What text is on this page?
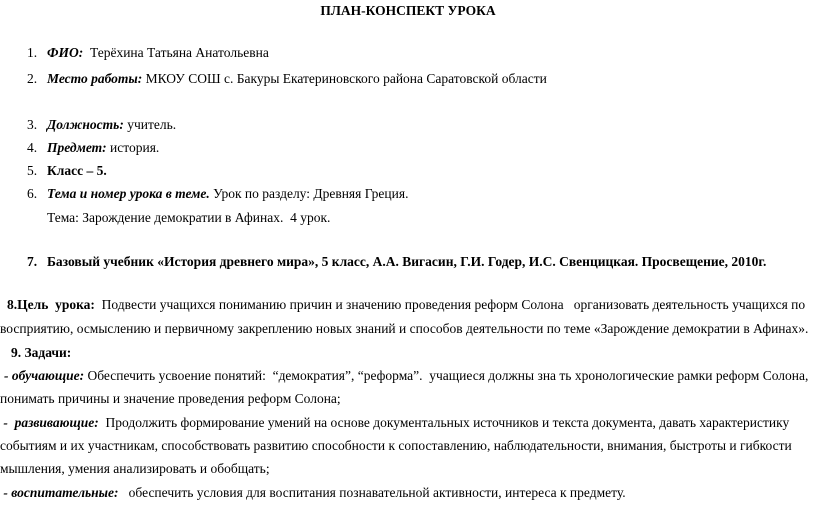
ПЛАН-КОНСПЕКТ УРОКА
1. ФИО:  Терёхина Татьяна Анатольевна
2. Место работы: МКОУ СОШ с. Бакуры Екатериновского района Саратовской области
3. Должность: учитель.
4. Предмет: история.
5. Класс – 5.
6. Тема и номер урока в теме. Урок по разделу: Древняя Греция.
Тема: Зарождение демократии в Афинах.  4 урок.
7. Базовый учебник «История древнего мира», 5 класс, А.А. Вигасин, Г.И. Годер, И.С. Свенцицкая. Просвещение, 2010г.
8.Цель  урока:  Подвести учащихся пониманию причин и значению проведения реформ Солона   организовать деятельность учащихся по
восприятию, осмыслению и первичному закреплению новых знаний и способов деятельности по теме «Зарождение демократии в Афинах».
9. Задачи:
- обучающие: Обеспечить усвоение понятий:  “демократия”, “реформа”.  учащиеся должны зна ть хронологические рамки реформ Солона,
понимать причины и значение проведения реформ Солона;
-  развивающие:  Продолжить формирование умений на основе документальных источников и текста документа, давать характеристику
событиям и их участникам, способствовать развитию способности к сопоставлению, наблюдательности, внимания, быстроты и гибкости
мышления, умения анализировать и обобщать;
- воспитательные:   обеспечить условия для воспитания познавательной активности, интереса к предмету.
